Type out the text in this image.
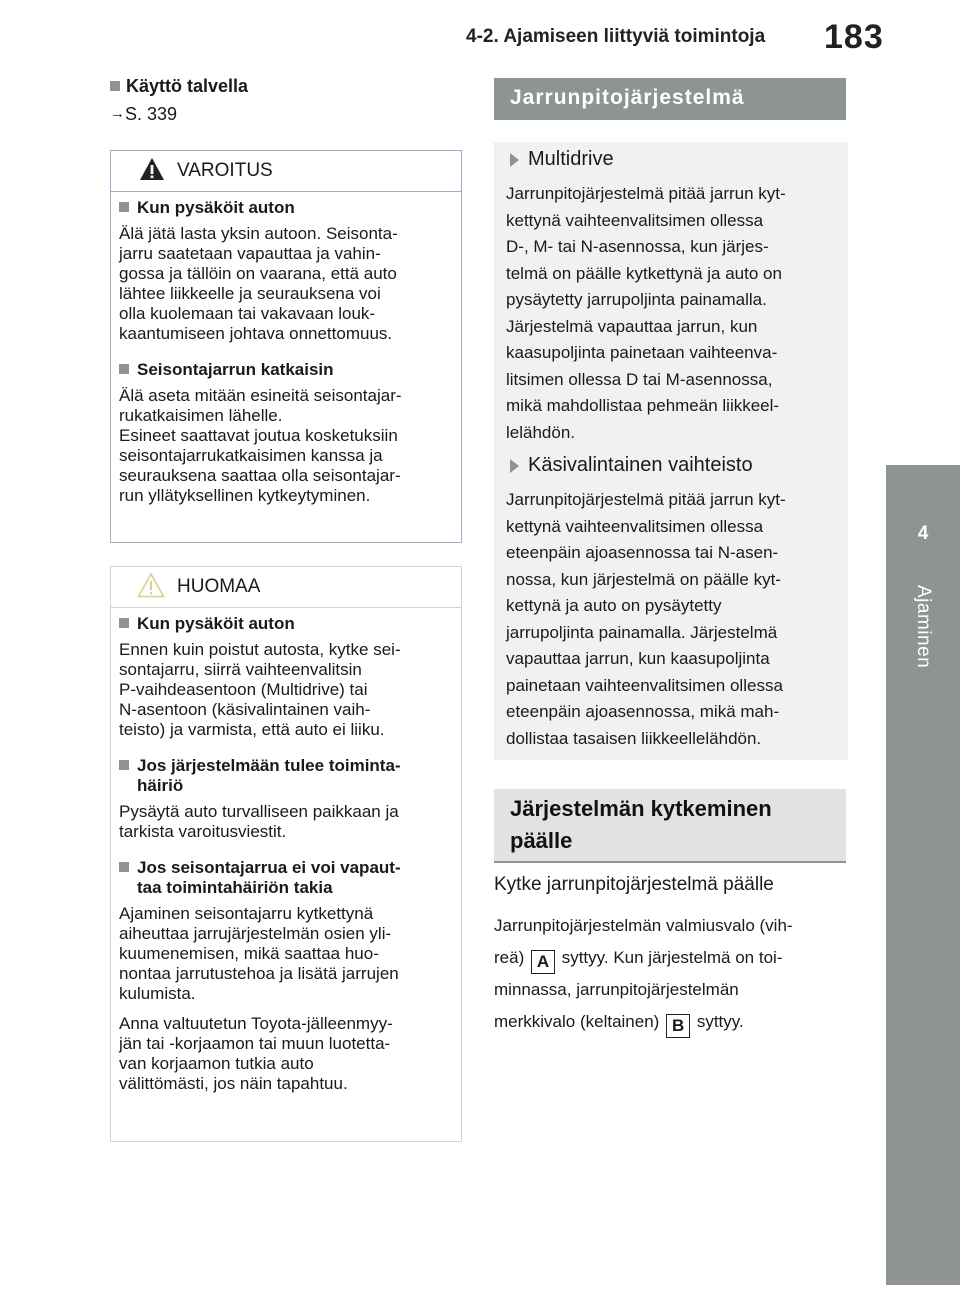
4-2. Ajamiseen liittyviä toimintoja 183
4
Ajaminen
Käyttö talvella
→S. 339
VAROITUS
Kun pysäköit auton
Älä jätä lasta yksin autoon. Seisonta-
jarru saatetaan vapauttaa ja vahin-
gossa ja tällöin on vaarana, että auto
lähtee liikkeelle ja seurauksena voi
olla kuolemaan tai vakavaan louk-
kaantumiseen johtava onnettomuus.
Seisontajarrun katkaisin
Älä aseta mitään esineitä seisontajar-
rukatkaisimen lähelle.
Esineet saattavat joutua kosketuksiin
seisontajarrukatkaisimen kanssa ja
seurauksena saattaa olla seisontajar-
run yllätyksellinen kytkeytyminen.
HUOMAA
Kun pysäköit auton
Ennen kuin poistut autosta, kytke sei-
sontajarru, siirrä vaihteenvalitsin
P-vaihdeasentoon (Multidrive) tai
N-asentoon (käsivalintainen vaih-
teisto) ja varmista, että auto ei liiku.
Jos järjestelmään tulee toiminta-
häiriö
Pysäytä auto turvalliseen paikkaan ja
tarkista varoitusviestit.
Jos seisontajarrua ei voi vapaut-
taa toimintahäiriön takia
Ajaminen seisontajarru kytkettynä
aiheuttaa jarrujärjestelmän osien yli-
kuumenemisen, mikä saattaa huo-
nontaa jarrutustehoa ja lisätä jarrujen
kulumista.
Anna valtuutetun Toyota-jälleenmyy-
jän tai -korjaamon tai muun luotetta-
van korjaamon tutkia auto
välittömästi, jos näin tapahtuu.
Jarrunpitojärjestelmä

Multidrive

Jarrunpitojärjestelmä pitää jarrun kyt-
kettynä vaihteenvalitsimen ollessa
D-, M- tai N-asennossa, kun järjes-
telmä on päälle kytkettynä ja auto on
pysäytetty jarrupoljinta painamalla.
Järjestelmä vapauttaa jarrun, kun
kaasupoljinta painetaan vaihteenva-
litsimen ollessa D tai M-asennossa,
mikä mahdollistaa pehmeän liikkeel-
lelähdön.

Käsivalintainen vaihteisto

Jarrunpitojärjestelmä pitää jarrun kyt-
kettynä vaihteenvalitsimen ollessa
eteenpäin ajoasennossa tai N-asen-
nossa, kun järjestelmä on päälle kyt-
kettynä ja auto on pysäytetty
jarrupoljinta painamalla. Järjestelmä
vapauttaa jarrun, kun kaasupoljinta
painetaan vaihteenvalitsimen ollessa
eteenpäin ajoasennossa, mikä mah-
dollistaa tasaisen liikkeellelähdön.

Järjestelmän kytkeminen
päälle
Kytke jarrunpitojärjestelmä päälle
Jarrunpitojärjestelmän valmiusvalo (vih-
reä) A syttyy. Kun järjestelmä on toi-
minnassa, jarrunpitojärjestelmän
merkkivalo (keltainen) B syttyy.
